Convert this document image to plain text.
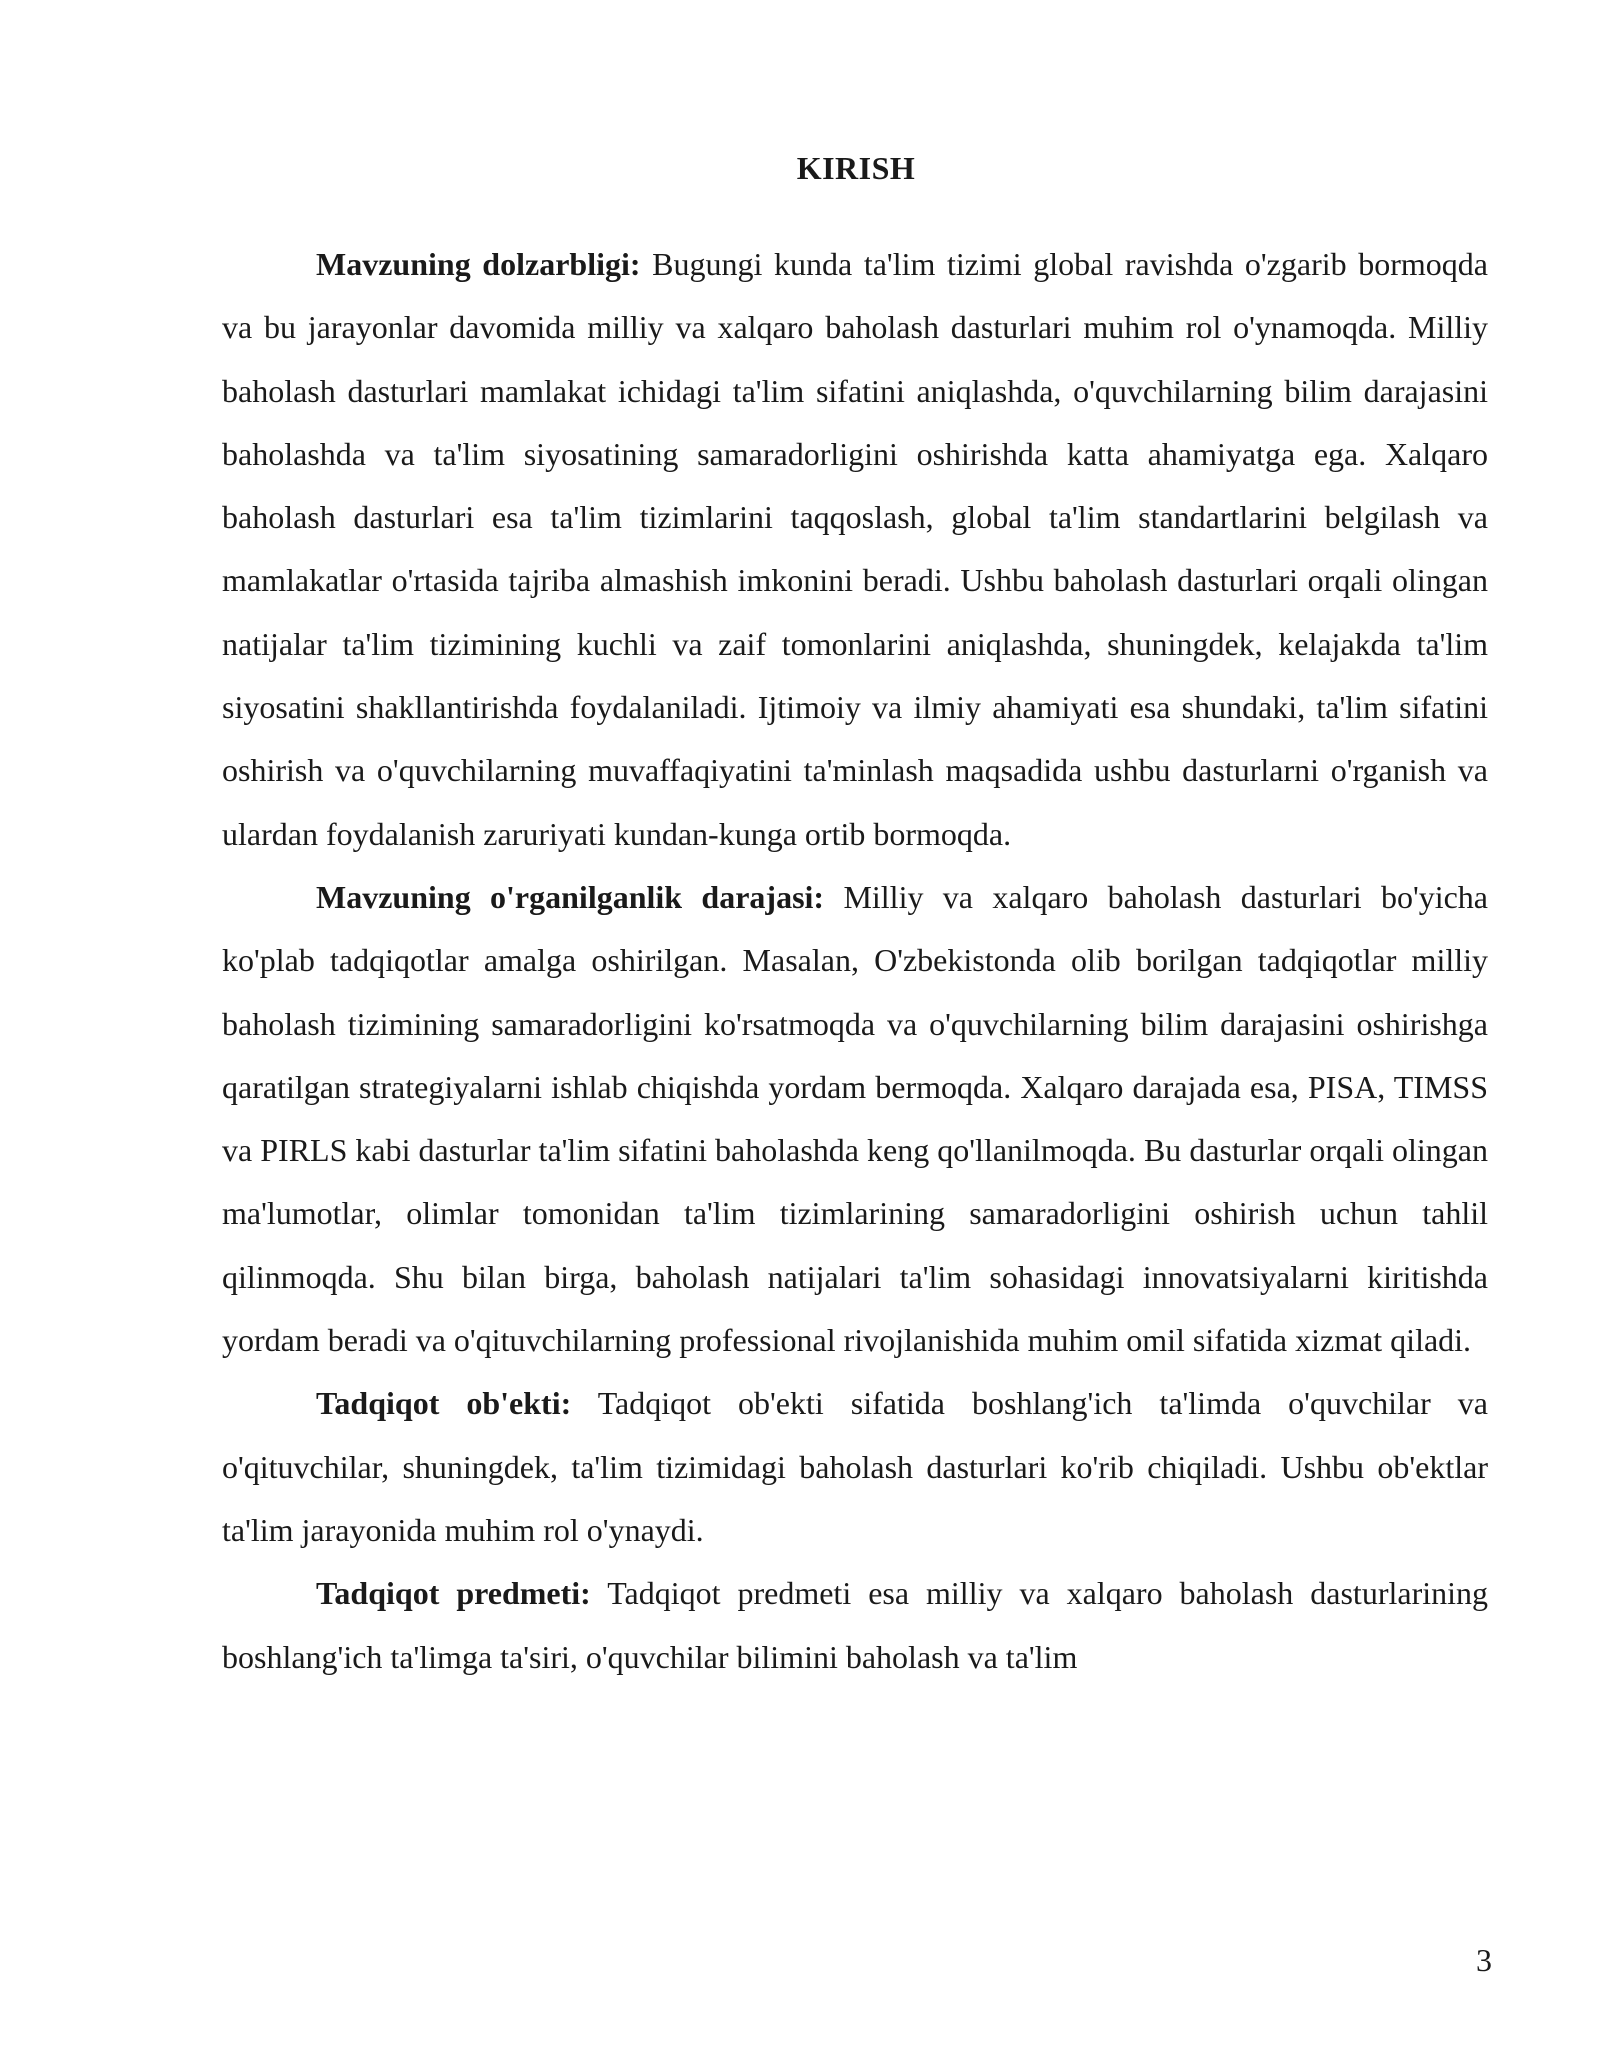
KIRISH

Mavzuning dolzarbligi: Bugungi kunda ta'lim tizimi global ravishda o'zgarib bormoqda va bu jarayonlar davomida milliy va xalqaro baholash dasturlari muhim rol o'ynamoqda. Milliy baholash dasturlari mamlakat ichidagi ta'lim sifatini aniqlashda, o'quvchilarning bilim darajasini baholashda va ta'lim siyosatining samaradorligini oshirishda katta ahamiyatga ega. Xalqaro baholash dasturlari esa ta'lim tizimlarini taqqoslash, global ta'lim standartlarini belgilash va mamlakatlar o'rtasida tajriba almashish imkonini beradi. Ushbu baholash dasturlari orqali olingan natijalar ta'lim tizimining kuchli va zaif tomonlarini aniqlashda, shuningdek, kelajakda ta'lim siyosatini shakllantirishda foydalaniladi. Ijtimoiy va ilmiy ahamiyati esa shundaki, ta'lim sifatini oshirish va o'quvchilarning muvaffaqiyatini ta'minlash maqsadida ushbu dasturlarni o'rganish va ulardan foydalanish zaruriyati kundan-kunga ortib bormoqda.

Mavzuning o'rganilganlik darajasi: Milliy va xalqaro baholash dasturlari bo'yicha ko'plab tadqiqotlar amalga oshirilgan. Masalan, O'zbekistonda olib borilgan tadqiqotlar milliy baholash tizimining samaradorligini ko'rsatmoqda va o'quvchilarning bilim darajasini oshirishga qaratilgan strategiyalarni ishlab chiqishda yordam bermoqda. Xalqaro darajada esa, PISA, TIMSS va PIRLS kabi dasturlar ta'lim sifatini baholashda keng qo'llanilmoqda. Bu dasturlar orqali olingan ma'lumotlar, olimlar tomonidan ta'lim tizimlarining samaradorligini oshirish uchun tahlil qilinmoqda. Shu bilan birga, baholash natijalari ta'lim sohasidagi innovatsiyalarni kiritishda yordam beradi va o'qituvchilarning professional rivojlanishida muhim omil sifatida xizmat qiladi.

Tadqiqot ob'ekti: Tadqiqot ob'ekti sifatida boshlang'ich ta'limda o'quvchilar va o'qituvchilar, shuningdek, ta'lim tizimidagi baholash dasturlari ko'rib chiqiladi. Ushbu ob'ektlar ta'lim jarayonida muhim rol o'ynaydi.

Tadqiqot predmeti: Tadqiqot predmeti esa milliy va xalqaro baholash dasturlarining boshlang'ich ta'limga ta'siri, o'quvchilar bilimini baholash va ta'lim

3
